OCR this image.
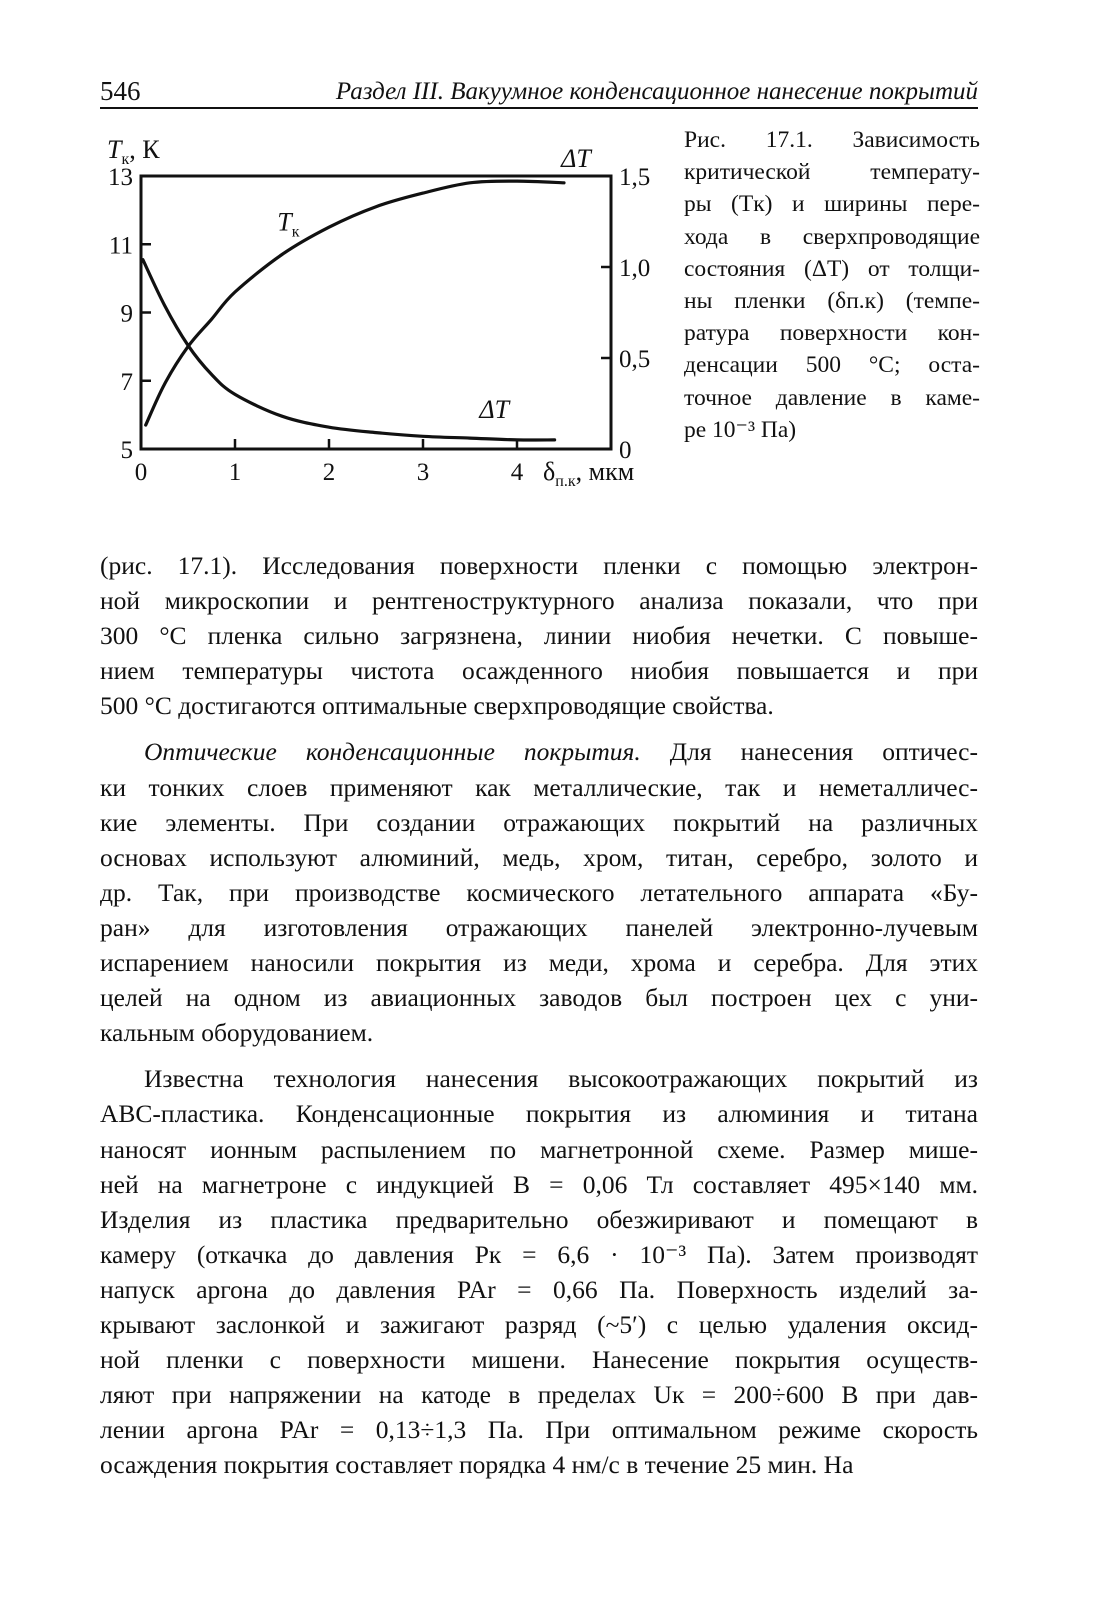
546	Раздел III. Вакуумное конденсационное нанесение покрытий
5
7
9
11
13
0
0,5
1,0
1,5
0	1	2	3	4
$T_к$, К	ΔT
$\delta_{п.к}$, мкм
$T_к$
ΔT
Рис. 17.1. Зависимость
критической температу-
ры (Tк) и ширины пере-
хода в сверхпроводящие
состояния (ΔT) от толщи-
ны пленки (δп.к) (темпе-
ратура поверхности кон-
денсации 500 °C; оста-
точное давление в каме-
ре 10⁻³ Па)
(рис. 17.1). Исследования поверхности пленки с помощью электрон-
ной микроскопии и рентгеноструктурного анализа показали, что при
300 °С пленка сильно загрязнена, линии ниобия нечетки. С повыше-
нием температуры чистота осажденного ниобия повышается и при
500 °С достигаются оптимальные сверхпроводящие свойства.
Оптические конденсационные покрытия. Для нанесения оптичес-
ки тонких слоев применяют как металлические, так и неметалличес-
кие элементы. При создании отражающих покрытий на различных
основах используют алюминий, медь, хром, титан, серебро, золото и
др. Так, при производстве космического летательного аппарата «Бу-
ран» для изготовления отражающих панелей электронно-лучевым
испарением наносили покрытия из меди, хрома и серебра. Для этих
целей на одном из авиационных заводов был построен цех с уни-
кальным оборудованием.
Известна технология нанесения высокоотражающих покрытий из
ABC-пластика. Конденсационные покрытия из алюминия и титана
наносят ионным распылением по магнетронной схеме. Размер мише-
ней на магнетроне с индукцией B = 0,06 Тл составляет 495×140 мм.
Изделия из пластика предварительно обезжиривают и помещают в
камеру (откачка до давления Pк = 6,6 · 10⁻³ Па). Затем производят
напуск аргона до давления PAr = 0,66 Па. Поверхность изделий за-
крывают заслонкой и зажигают разряд (~5′) с целью удаления оксид-
ной пленки с поверхности мишени. Нанесение покрытия осуществ-
ляют при напряжении на катоде в пределах Uк = 200÷600 В при дав-
лении аргона PAr = 0,13÷1,3 Па. При оптимальном режиме скорость
осаждения покрытия составляет порядка 4 нм/с в течение 25 мин. На
